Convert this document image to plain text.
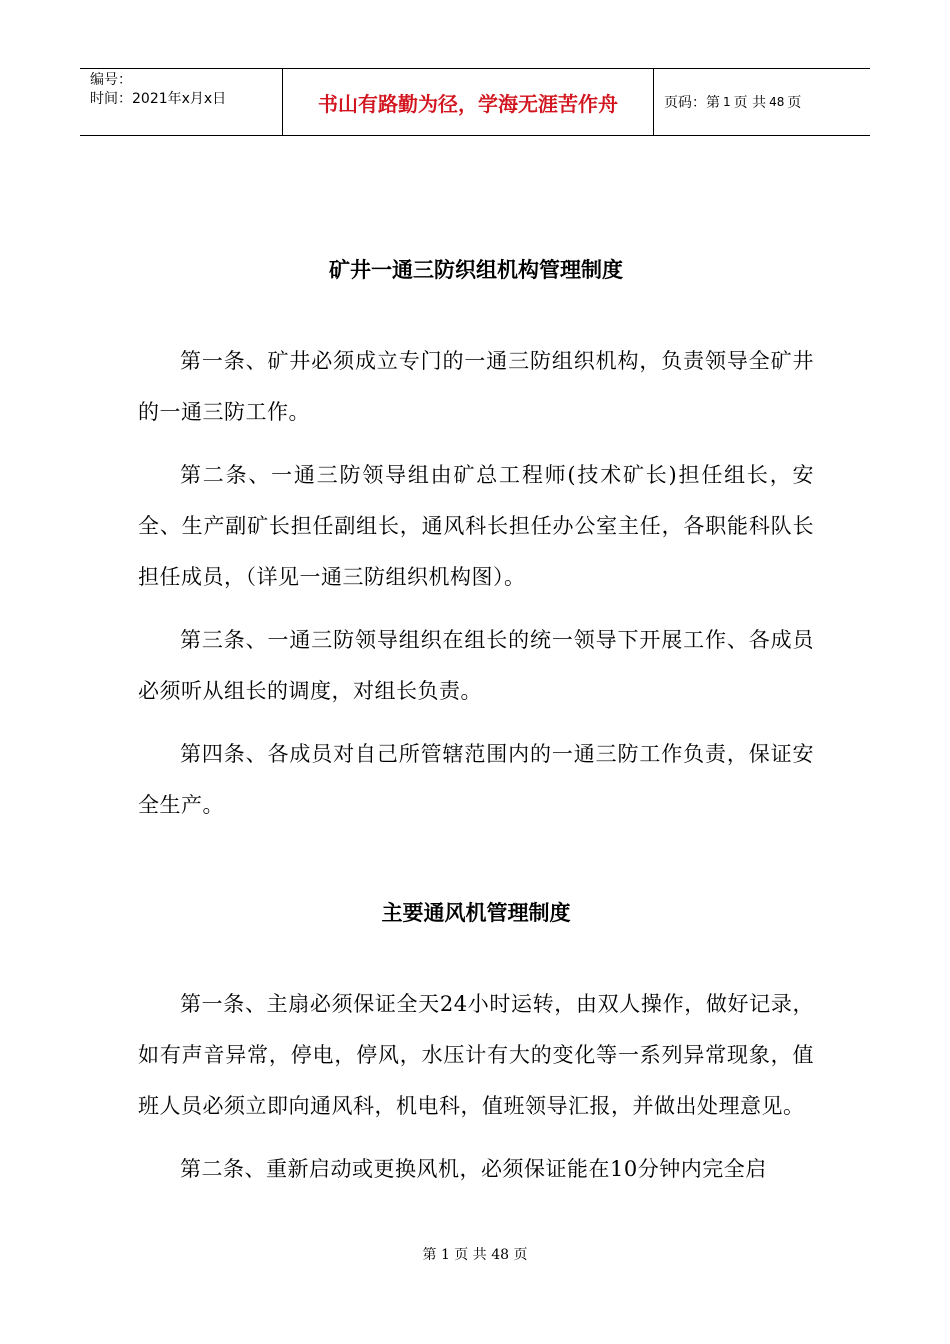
编号：
时间：2021年x月x日	书山有路勤为径，学海无涯苦作舟	页码：第 1 页 共 48 页
矿井一通三防织组机构管理制度

第一条、矿井必须成立专门的一通三防组织机构，负责领导全矿井的一通三防工作。

第二条、一通三防领导组由矿总工程师(技术矿长)担任组长，安全、生产副矿长担任副组长，通风科长担任办公室主任，各职能科队长担任成员，（详见一通三防组织机构图）。

第三条、一通三防领导组织在组长的统一领导下开展工作、各成员必须听从组长的调度，对组长负责。

第四条、各成员对自己所管辖范围内的一通三防工作负责，保证安全生产。

主要通风机管理制度

第一条、主扇必须保证全天24小时运转，由双人操作，做好记录，如有声音异常，停电，停风，水压计有大的变化等一系列异常现象，值班人员必须立即向通风科，机电科，值班领导汇报，并做出处理意见。

第二条、重新启动或更换风机，必须保证能在10分钟内完全启

第 1 页 共 48 页
